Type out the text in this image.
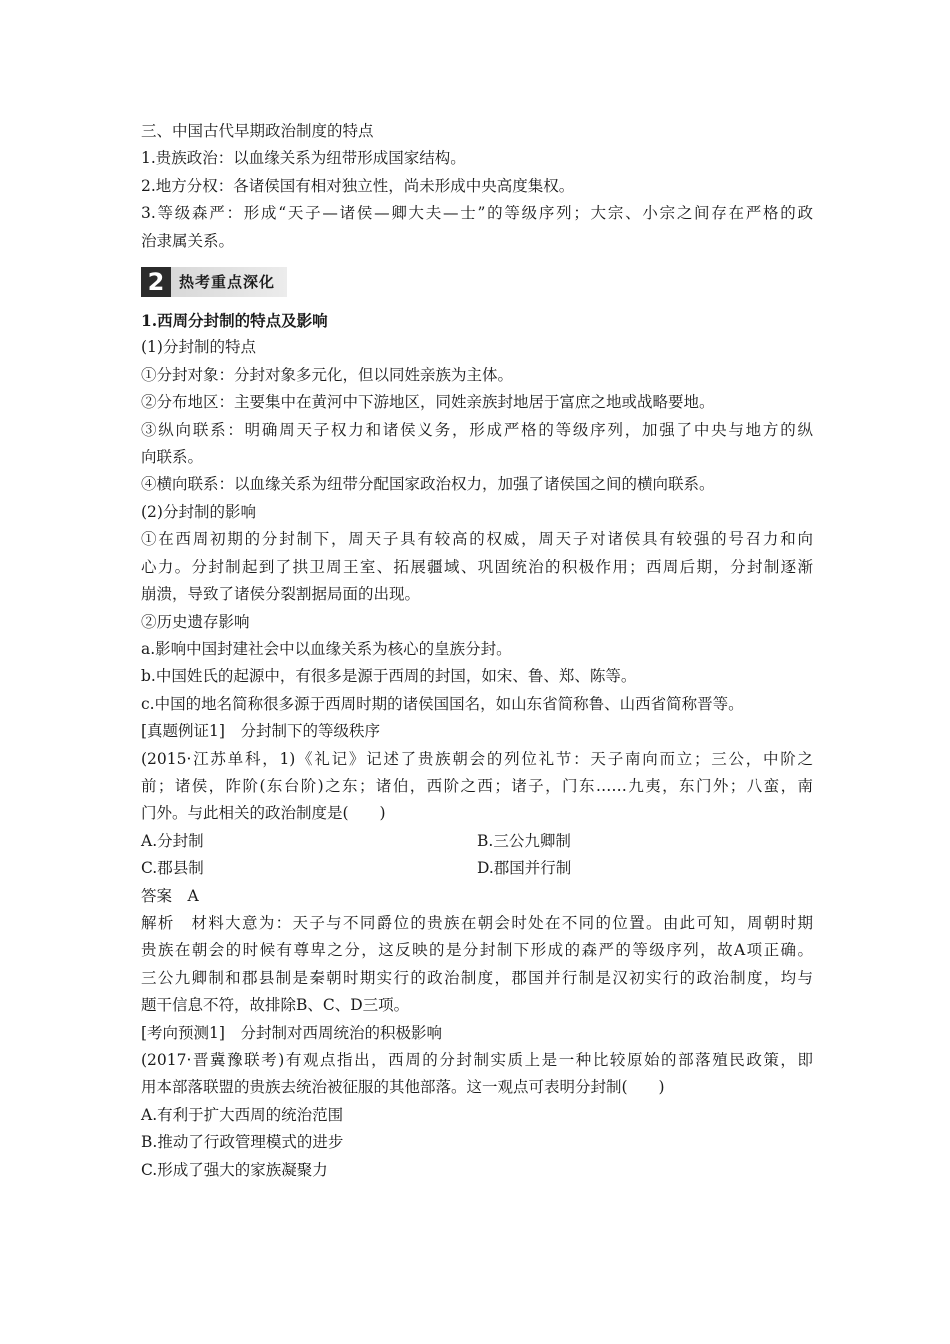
三、中国古代早期政治制度的特点
1.贵族政治：以血缘关系为纽带形成国家结构。
2.地方分权：各诸侯国有相对独立性，尚未形成中央高度集权。
3.等级森严：形成“天子—诸侯—卿大夫—士”的等级序列；大宗、小宗之间存在严格的政
治隶属关系。
2 热考重点深化
1.西周分封制的特点及影响
(1)分封制的特点
①分封对象：分封对象多元化，但以同姓亲族为主体。
②分布地区：主要集中在黄河中下游地区，同姓亲族封地居于富庶之地或战略要地。
③纵向联系：明确周天子权力和诸侯义务，形成严格的等级序列，加强了中央与地方的纵
向联系。
④横向联系：以血缘关系为纽带分配国家政治权力，加强了诸侯国之间的横向联系。
(2)分封制的影响
①在西周初期的分封制下，周天子具有较高的权威，周天子对诸侯具有较强的号召力和向
心力。分封制起到了拱卫周王室、拓展疆域、巩固统治的积极作用；西周后期，分封制逐渐
崩溃，导致了诸侯分裂割据局面的出现。
②历史遗存影响
a.影响中国封建社会中以血缘关系为核心的皇族分封。
b.中国姓氏的起源中，有很多是源于西周的封国，如宋、鲁、郑、陈等。
c.中国的地名简称很多源于西周时期的诸侯国国名，如山东省简称鲁、山西省简称晋等。
[真题例证1]　分封制下的等级秩序
(2015·江苏单科，1)《礼记》记述了贵族朝会的列位礼节：天子南向而立；三公，中阶之
前；诸侯，阼阶(东台阶)之东；诸伯，西阶之西；诸子，门东……九夷，东门外；八蛮，南
门外。与此相关的政治制度是(　　)
A.分封制	B.三公九卿制
C.郡县制	D.郡国并行制
答案　A
解析　材料大意为：天子与不同爵位的贵族在朝会时处在不同的位置。由此可知，周朝时期
贵族在朝会的时候有尊卑之分，这反映的是分封制下形成的森严的等级序列，故A项正确。
三公九卿制和郡县制是秦朝时期实行的政治制度，郡国并行制是汉初实行的政治制度，均与
题干信息不符，故排除B、C、D三项。
[考向预测1]　分封制对西周统治的积极影响
(2017·晋冀豫联考)有观点指出，西周的分封制实质上是一种比较原始的部落殖民政策，即
用本部落联盟的贵族去统治被征服的其他部落。这一观点可表明分封制(　　)
A.有利于扩大西周的统治范围
B.推动了行政管理模式的进步
C.形成了强大的家族凝聚力
